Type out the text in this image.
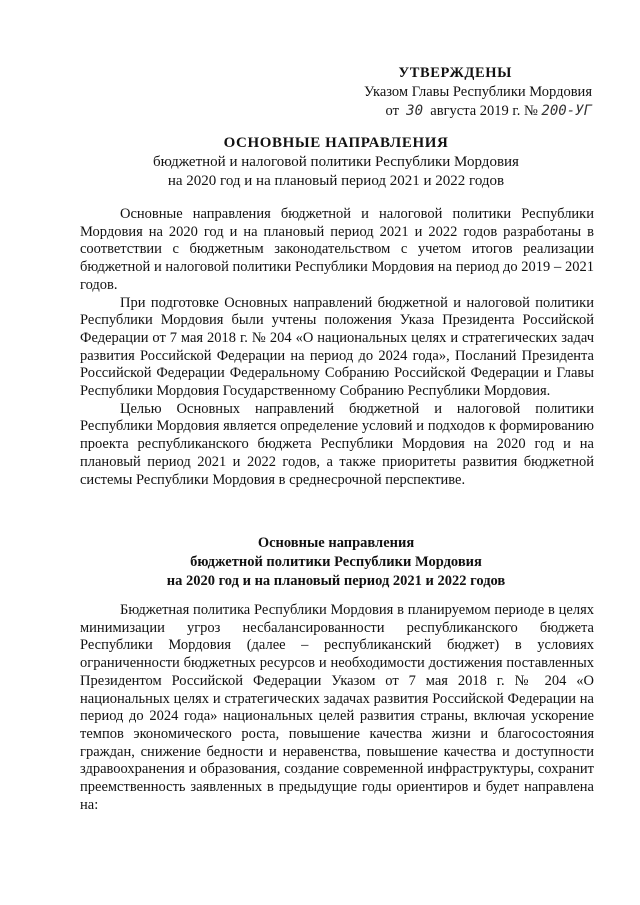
УТВЕРЖДЕНЫ
Указом Главы Республики Мордовия
от 30 августа 2019 г. № 200-УГ
ОСНОВНЫЕ НАПРАВЛЕНИЯ
бюджетной и налоговой политики Республики Мордовия
на 2020 год и на плановый период 2021 и 2022 годов

Основные направления бюджетной и налоговой политики Республики Мордовия на 2020 год и на плановый период 2021 и 2022 годов разработаны в соответствии с бюджетным законодательством с учетом итогов реализации бюджетной и налоговой политики Республики Мордовия на период до 2019 – 2021 годов.

При подготовке Основных направлений бюджетной и налоговой политики Республики Мордовия были учтены положения Указа Президента Российской Федерации от 7 мая 2018 г. № 204 «О национальных целях и стратегических задач развития Российской Федерации на период до 2024 года», Посланий Президента Российской Федерации Федеральному Собранию Российской Федерации и Главы Республики Мордовия Государственному Собранию Республики Мордовия.

Целью Основных направлений бюджетной и налоговой политики Республики Мордовия является определение условий и подходов к формированию проекта республиканского бюджета Республики Мордовия на 2020 год и на плановый период 2021 и 2022 годов, а также приоритеты развития бюджетной системы Республики Мордовия в среднесрочной перспективе.

Основные направления
бюджетной политики Республики Мордовия
на 2020 год и на плановый период 2021 и 2022 годов

Бюджетная политика Республики Мордовия в планируемом периоде в целях минимизации угроз несбалансированности республиканского бюджета Республики Мордовия (далее – республиканский бюджет) в условиях ограниченности бюджетных ресурсов и необходимости достижения поставленных Президентом Российской Федерации Указом от 7 мая 2018 г. № 204 «О национальных целях и стратегических задачах развития Российской Федерации на период до 2024 года» национальных целей развития страны, включая ускорение темпов экономического роста, повышение качества жизни и благосостояния граждан, снижение бедности и неравенства, повышение качества и доступности здравоохранения и образования, создание современной инфраструктуры, сохранит преемственность заявленных в предыдущие годы ориентиров и будет направлена на:
